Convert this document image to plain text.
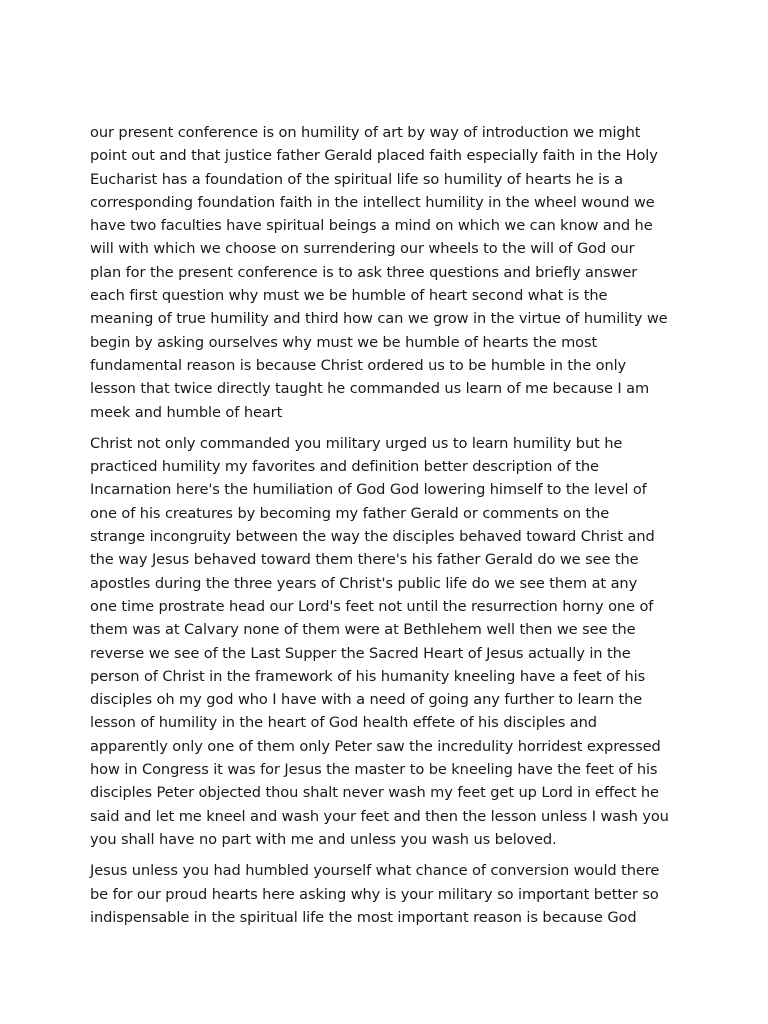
our present conference is on humility of art by way of introduction we might
point out and that justice father Gerald placed faith especially faith in the Holy
Eucharist has a foundation of the spiritual life so humility of hearts he is a
corresponding foundation faith in the intellect humility in the wheel wound we
have two faculties have spiritual beings a mind on which we can know and he
will with which we choose on surrendering our wheels to the will of God our
plan for the present conference is to ask three questions and briefly answer
each first question why must we be humble of heart second what is the
meaning of true humility and third how can we grow in the virtue of humility we
begin by asking ourselves why must we be humble of hearts the most
fundamental reason is because Christ ordered us to be humble in the only
lesson that twice directly taught he commanded us learn of me because I am
meek and humble of heart

Christ not only commanded you military urged us to learn humility but he
practiced humility my favorites and definition better description of the
Incarnation here's the humiliation of God God lowering himself to the level of
one of his creatures by becoming my father Gerald or comments on the
strange incongruity between the way the disciples behaved toward Christ and
the way Jesus behaved toward them there's his father Gerald do we see the
apostles during the three years of Christ's public life do we see them at any
one time prostrate head our Lord's feet not until the resurrection horny one of
them was at Calvary none of them were at Bethlehem well then we see the
reverse we see of the Last Supper the Sacred Heart of Jesus actually in the
person of Christ in the framework of his humanity kneeling have a feet of his
disciples oh my god who I have with a need of going any further to learn the
lesson of humility in the heart of God health effete of his disciples and
apparently only one of them only Peter saw the incredulity horridest expressed
how in Congress it was for Jesus the master to be kneeling have the feet of his
disciples Peter objected thou shalt never wash my feet get up Lord in effect he
said and let me kneel and wash your feet and then the lesson unless I wash you
you shall have no part with me and unless you wash us beloved.

Jesus unless you had humbled yourself what chance of conversion would there
be for our proud hearts here asking why is your military so important better so
indispensable in the spiritual life the most important reason is because God
